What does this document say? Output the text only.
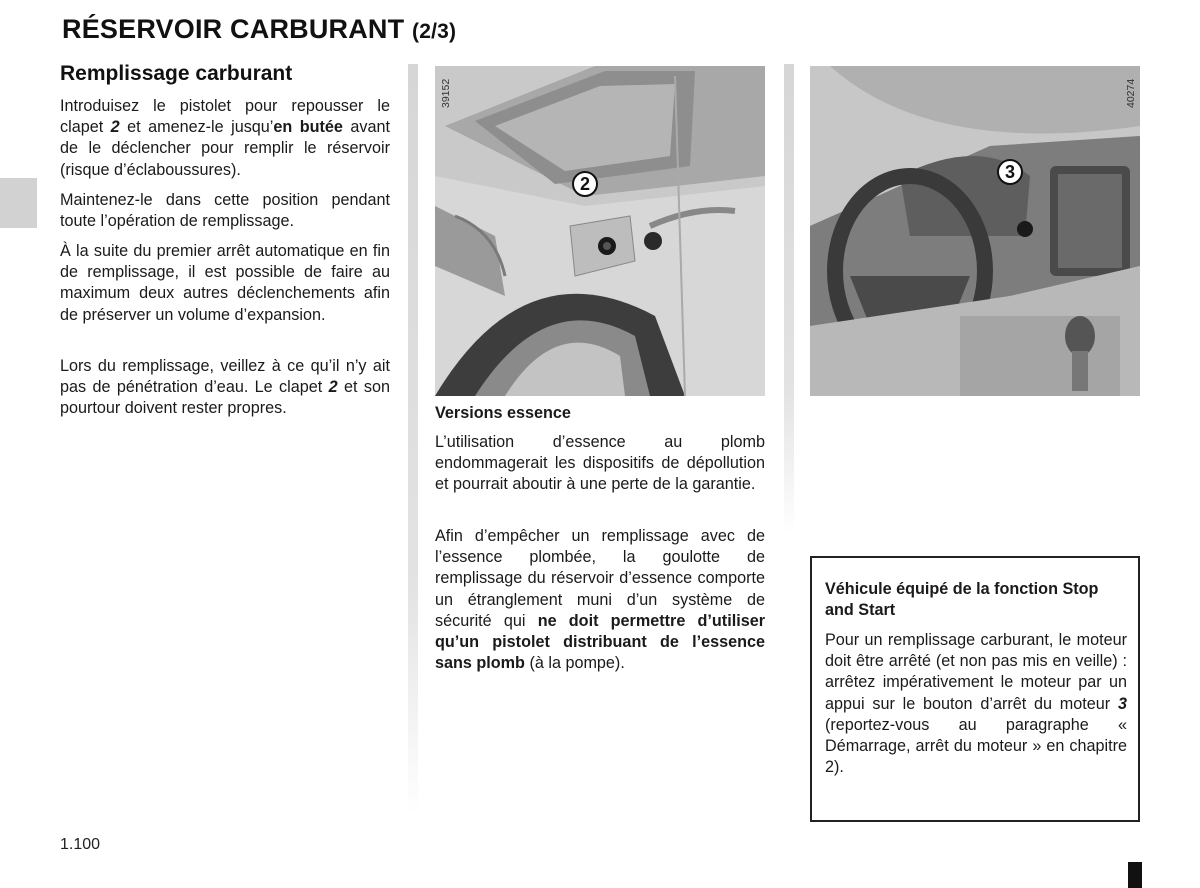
RÉSERVOIR CARBURANT (2/3)
Remplissage carburant

Introduisez le pistolet pour repousser le clapet 2 et amenez-le jusqu’en butée avant de le déclencher pour remplir le réservoir (risque d’éclaboussures).

Maintenez-le dans cette position pendant toute l’opération de remplissage.

À la suite du premier arrêt automatique en fin de remplissage, il est possible de faire au maximum deux autres déclenchements afin de préserver un volume d’expansion.

Lors du remplissage, veillez à ce qu’il n’y ait pas de pénétration d’eau. Le clapet 2 et son pourtour doivent rester propres.

2
39152
3
40274

Versions essence

L’utilisation d’essence au plomb endommagerait les dispositifs de dépollution et pourrait aboutir à une perte de la garantie.

Afin d’empêcher un remplissage avec de l’essence plombée, la goulotte de remplissage du réservoir d’essence comporte un étranglement muni d’un système de sécurité qui ne doit permettre d’utiliser qu’un pistolet distribuant de l’essence sans plomb (à la pompe).

Véhicule équipé de la fonction Stop and Start

Pour un remplissage carburant, le moteur doit être arrêté (et non pas mis en veille) : arrêtez impérativement le moteur par un appui sur le bouton d’arrêt du moteur 3 (reportez-vous au paragraphe « Démarrage, arrêt du moteur » en chapitre 2).

1.100
